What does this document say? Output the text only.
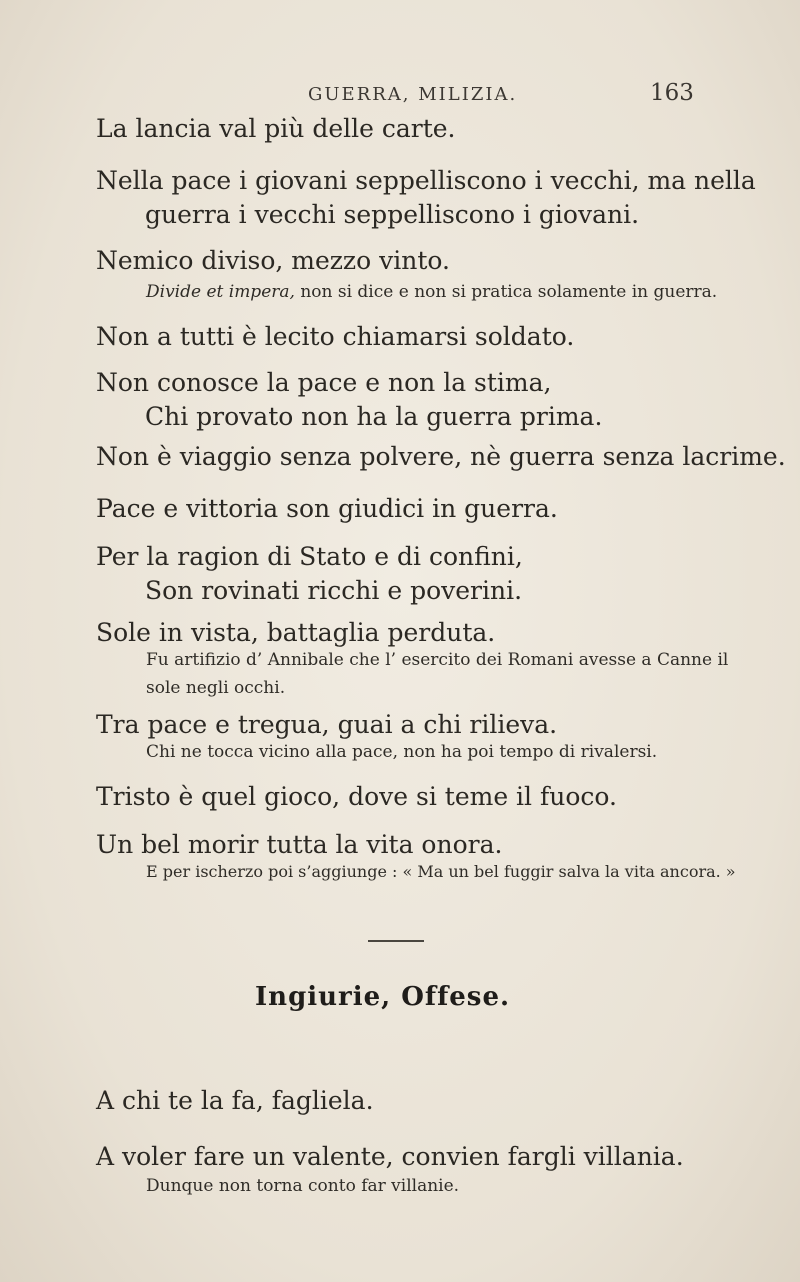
GUERRA, MILIZIA.	163
La lancia val più delle carte.
Nella pace i giovani seppelliscono i vecchi, ma nella
guerra i vecchi seppelliscono i giovani.
Nemico diviso, mezzo vinto.
Divide et impera, non si dice e non si pratica solamente in guerra.
Non a tutti è lecito chiamarsi soldato.
Non conosce la pace e non la stima,
Chi provato non ha la guerra prima.
Non è viaggio senza polvere, nè guerra senza lacrime.
Pace e vittoria son giudici in guerra.
Per la ragion di Stato e di confini,
Son rovinati ricchi e poverini.
Sole in vista, battaglia perduta.
Fu artifizio d’ Annibale che l’ esercito dei Romani avesse a Canne il
sole negli occhi.
Tra pace e tregua, guai a chi rilieva.
Chi ne tocca vicino alla pace, non ha poi tempo di rivalersi.
Tristo è quel gioco, dove si teme il fuoco.
Un bel morir tutta la vita onora.
E per ischerzo poi s’aggiunge : « Ma un bel fuggir salva la vita ancora. »
Ingiurie, Offese.
A chi te la fa, fagliela.
A voler fare un valente, convien fargli villania.
Dunque non torna conto far villanie.
